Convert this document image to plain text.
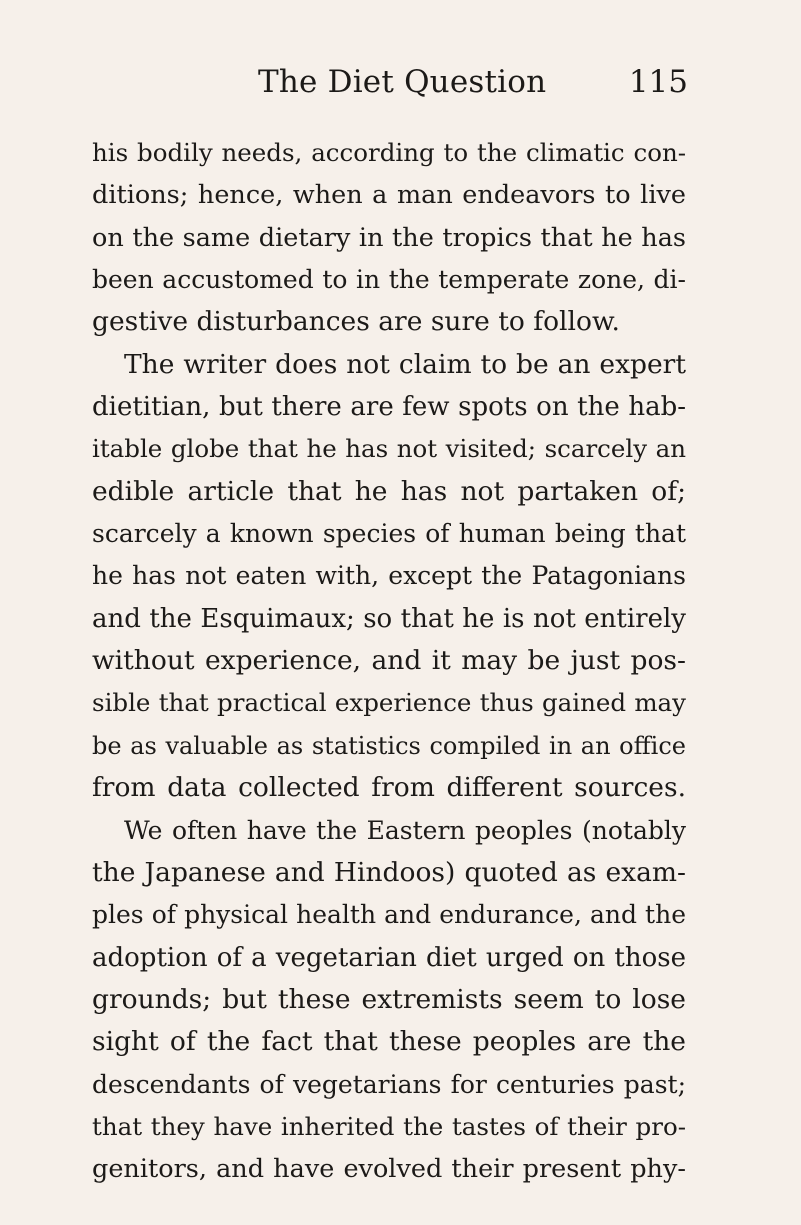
The Diet Question	115
his bodily needs, according to the climatic con-
ditions; hence, when a man endeavors to live
on the same dietary in the tropics that he has
been accustomed to in the temperate zone, di-
gestive disturbances are sure to follow.
The writer does not claim to be an expert
dietitian, but there are few spots on the hab-
itable globe that he has not visited; scarcely an
edible article that he has not partaken of;
scarcely a known species of human being that
he has not eaten with, except the Patagonians
and the Esquimaux; so that he is not entirely
without experience, and it may be just pos-
sible that practical experience thus gained may
be as valuable as statistics compiled in an office
from data collected from different sources.
We often have the Eastern peoples (notably
the Japanese and Hindoos) quoted as exam-
ples of physical health and endurance, and the
adoption of a vegetarian diet urged on those
grounds; but these extremists seem to lose
sight of the fact that these peoples are the
descendants of vegetarians for centuries past;
that they have inherited the tastes of their pro-
genitors, and have evolved their present phy-
